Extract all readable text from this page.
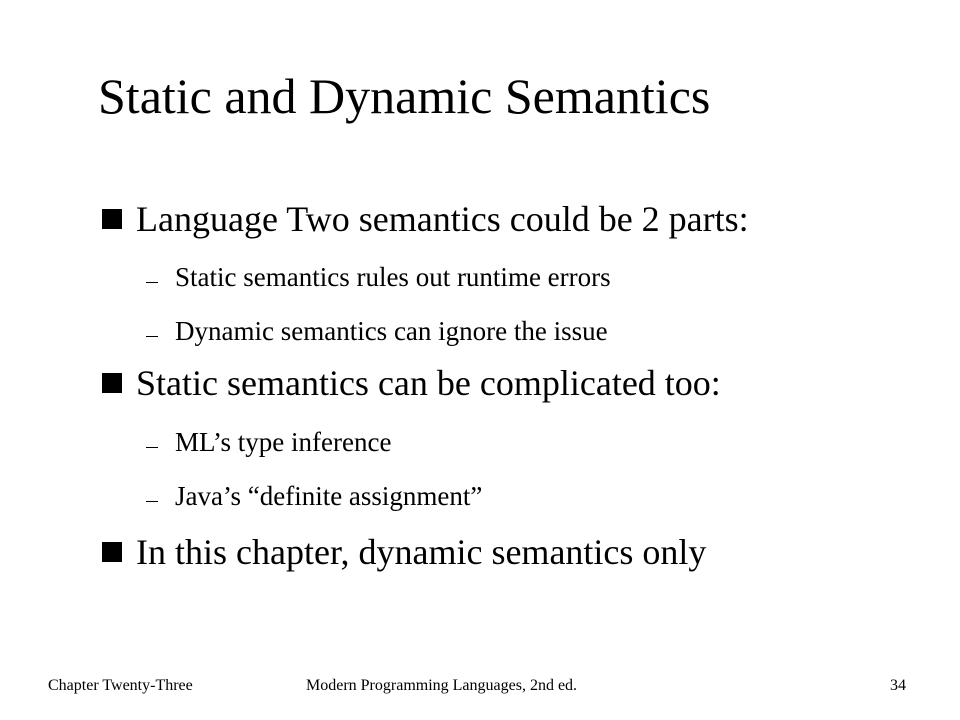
Static and Dynamic Semantics
Language Two semantics could be 2 parts:
Static semantics rules out runtime errors
Dynamic semantics can ignore the issue
Static semantics can be complicated too:
ML’s type inference
Java’s “definite assignment”
In this chapter, dynamic semantics only
Chapter Twenty-Three	Modern Programming Languages, 2nd ed.	34
